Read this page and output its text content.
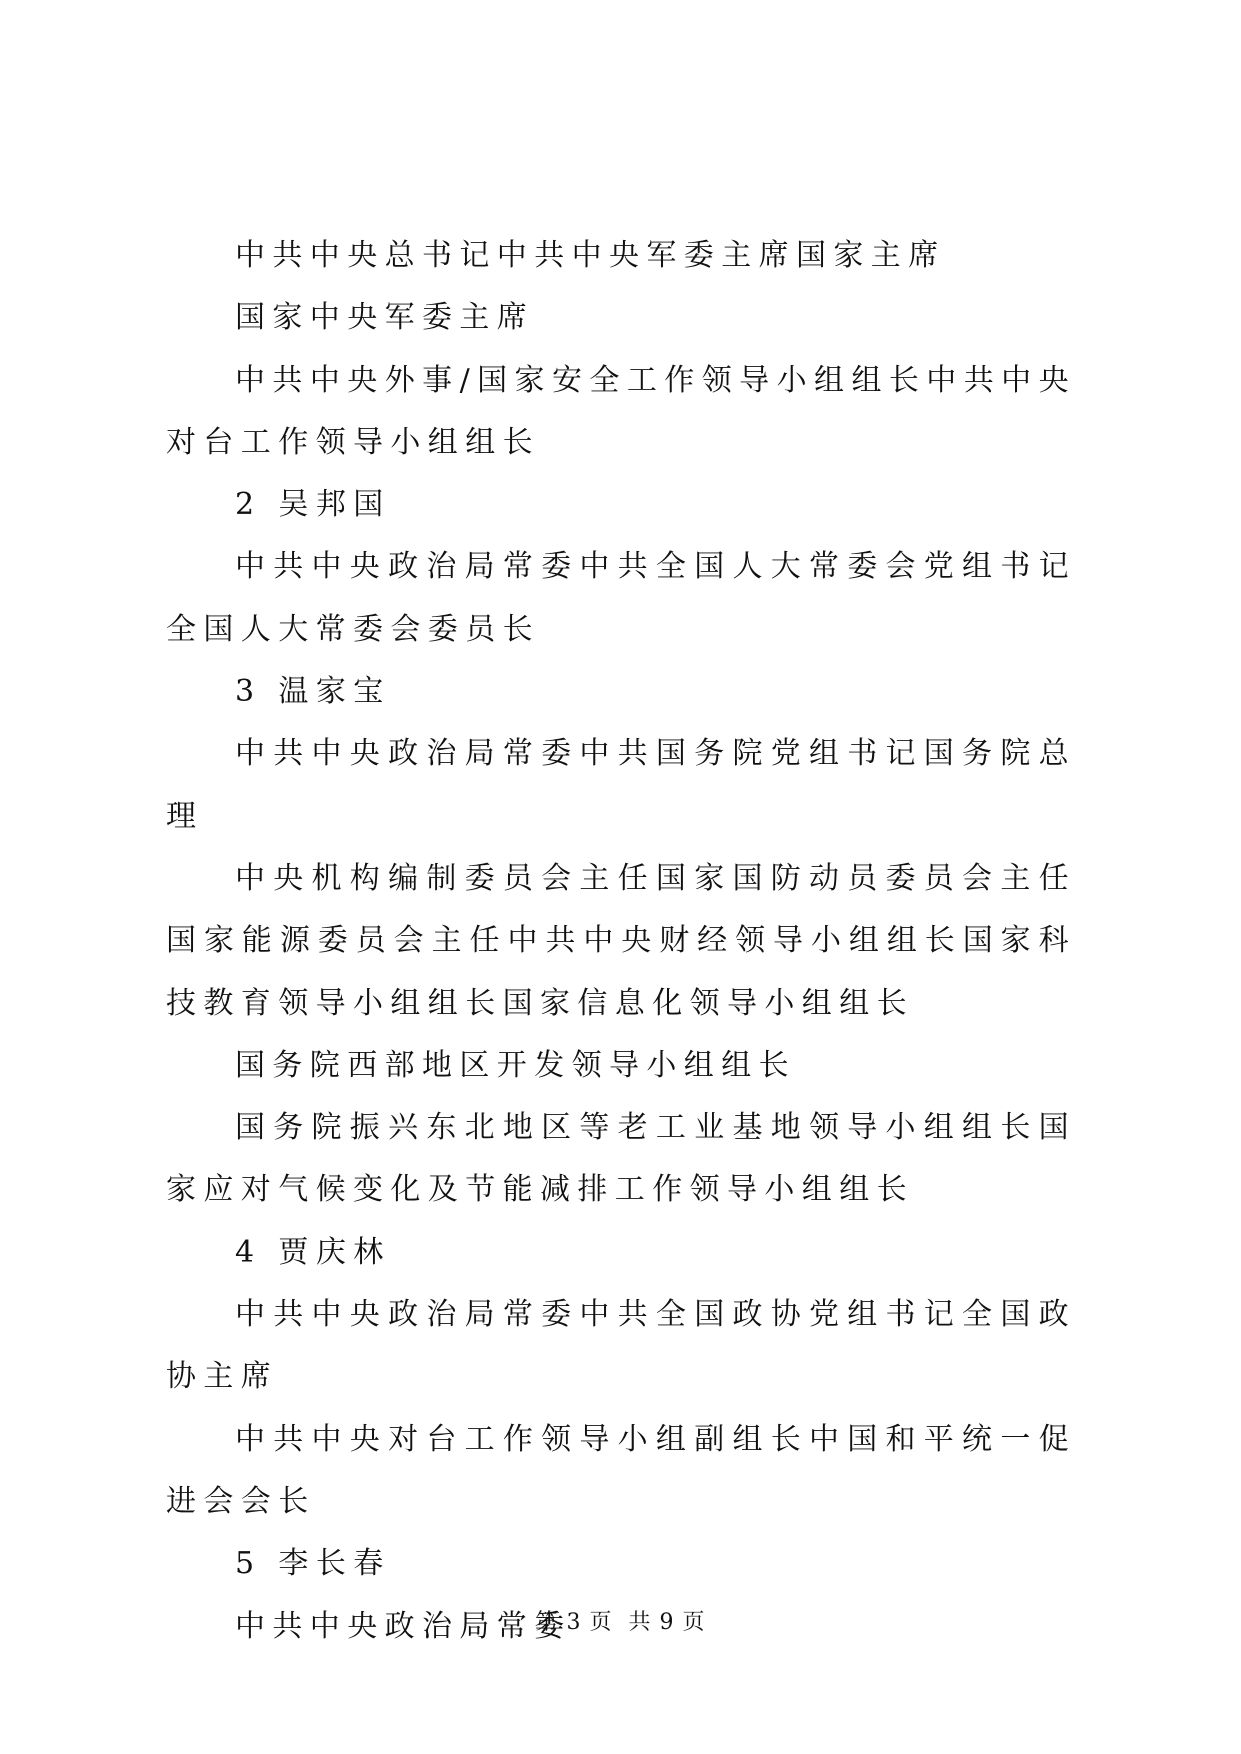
中共中央总书记中共中央军委主席国家主席

国家中央军委主席

中共中央外事/国家安全工作领导小组组长中共中央对台工作领导小组组长

2 吴邦国

中共中央政治局常委中共全国人大常委会党组书记全国人大常委会委员长

3 温家宝

中共中央政治局常委中共国务院党组书记国务院总理

中央机构编制委员会主任国家国防动员委员会主任国家能源委员会主任中共中央财经领导小组组长国家科技教育领导小组组长国家信息化领导小组组长

国务院西部地区开发领导小组组长

国务院振兴东北地区等老工业基地领导小组组长国家应对气候变化及节能减排工作领导小组组长

4 贾庆林

中共中央政治局常委中共全国政协党组书记全国政协主席

中共中央对台工作领导小组副组长中国和平统一促进会会长

5 李长春

中共中央政治局常委

第 3 页  共 9 页
